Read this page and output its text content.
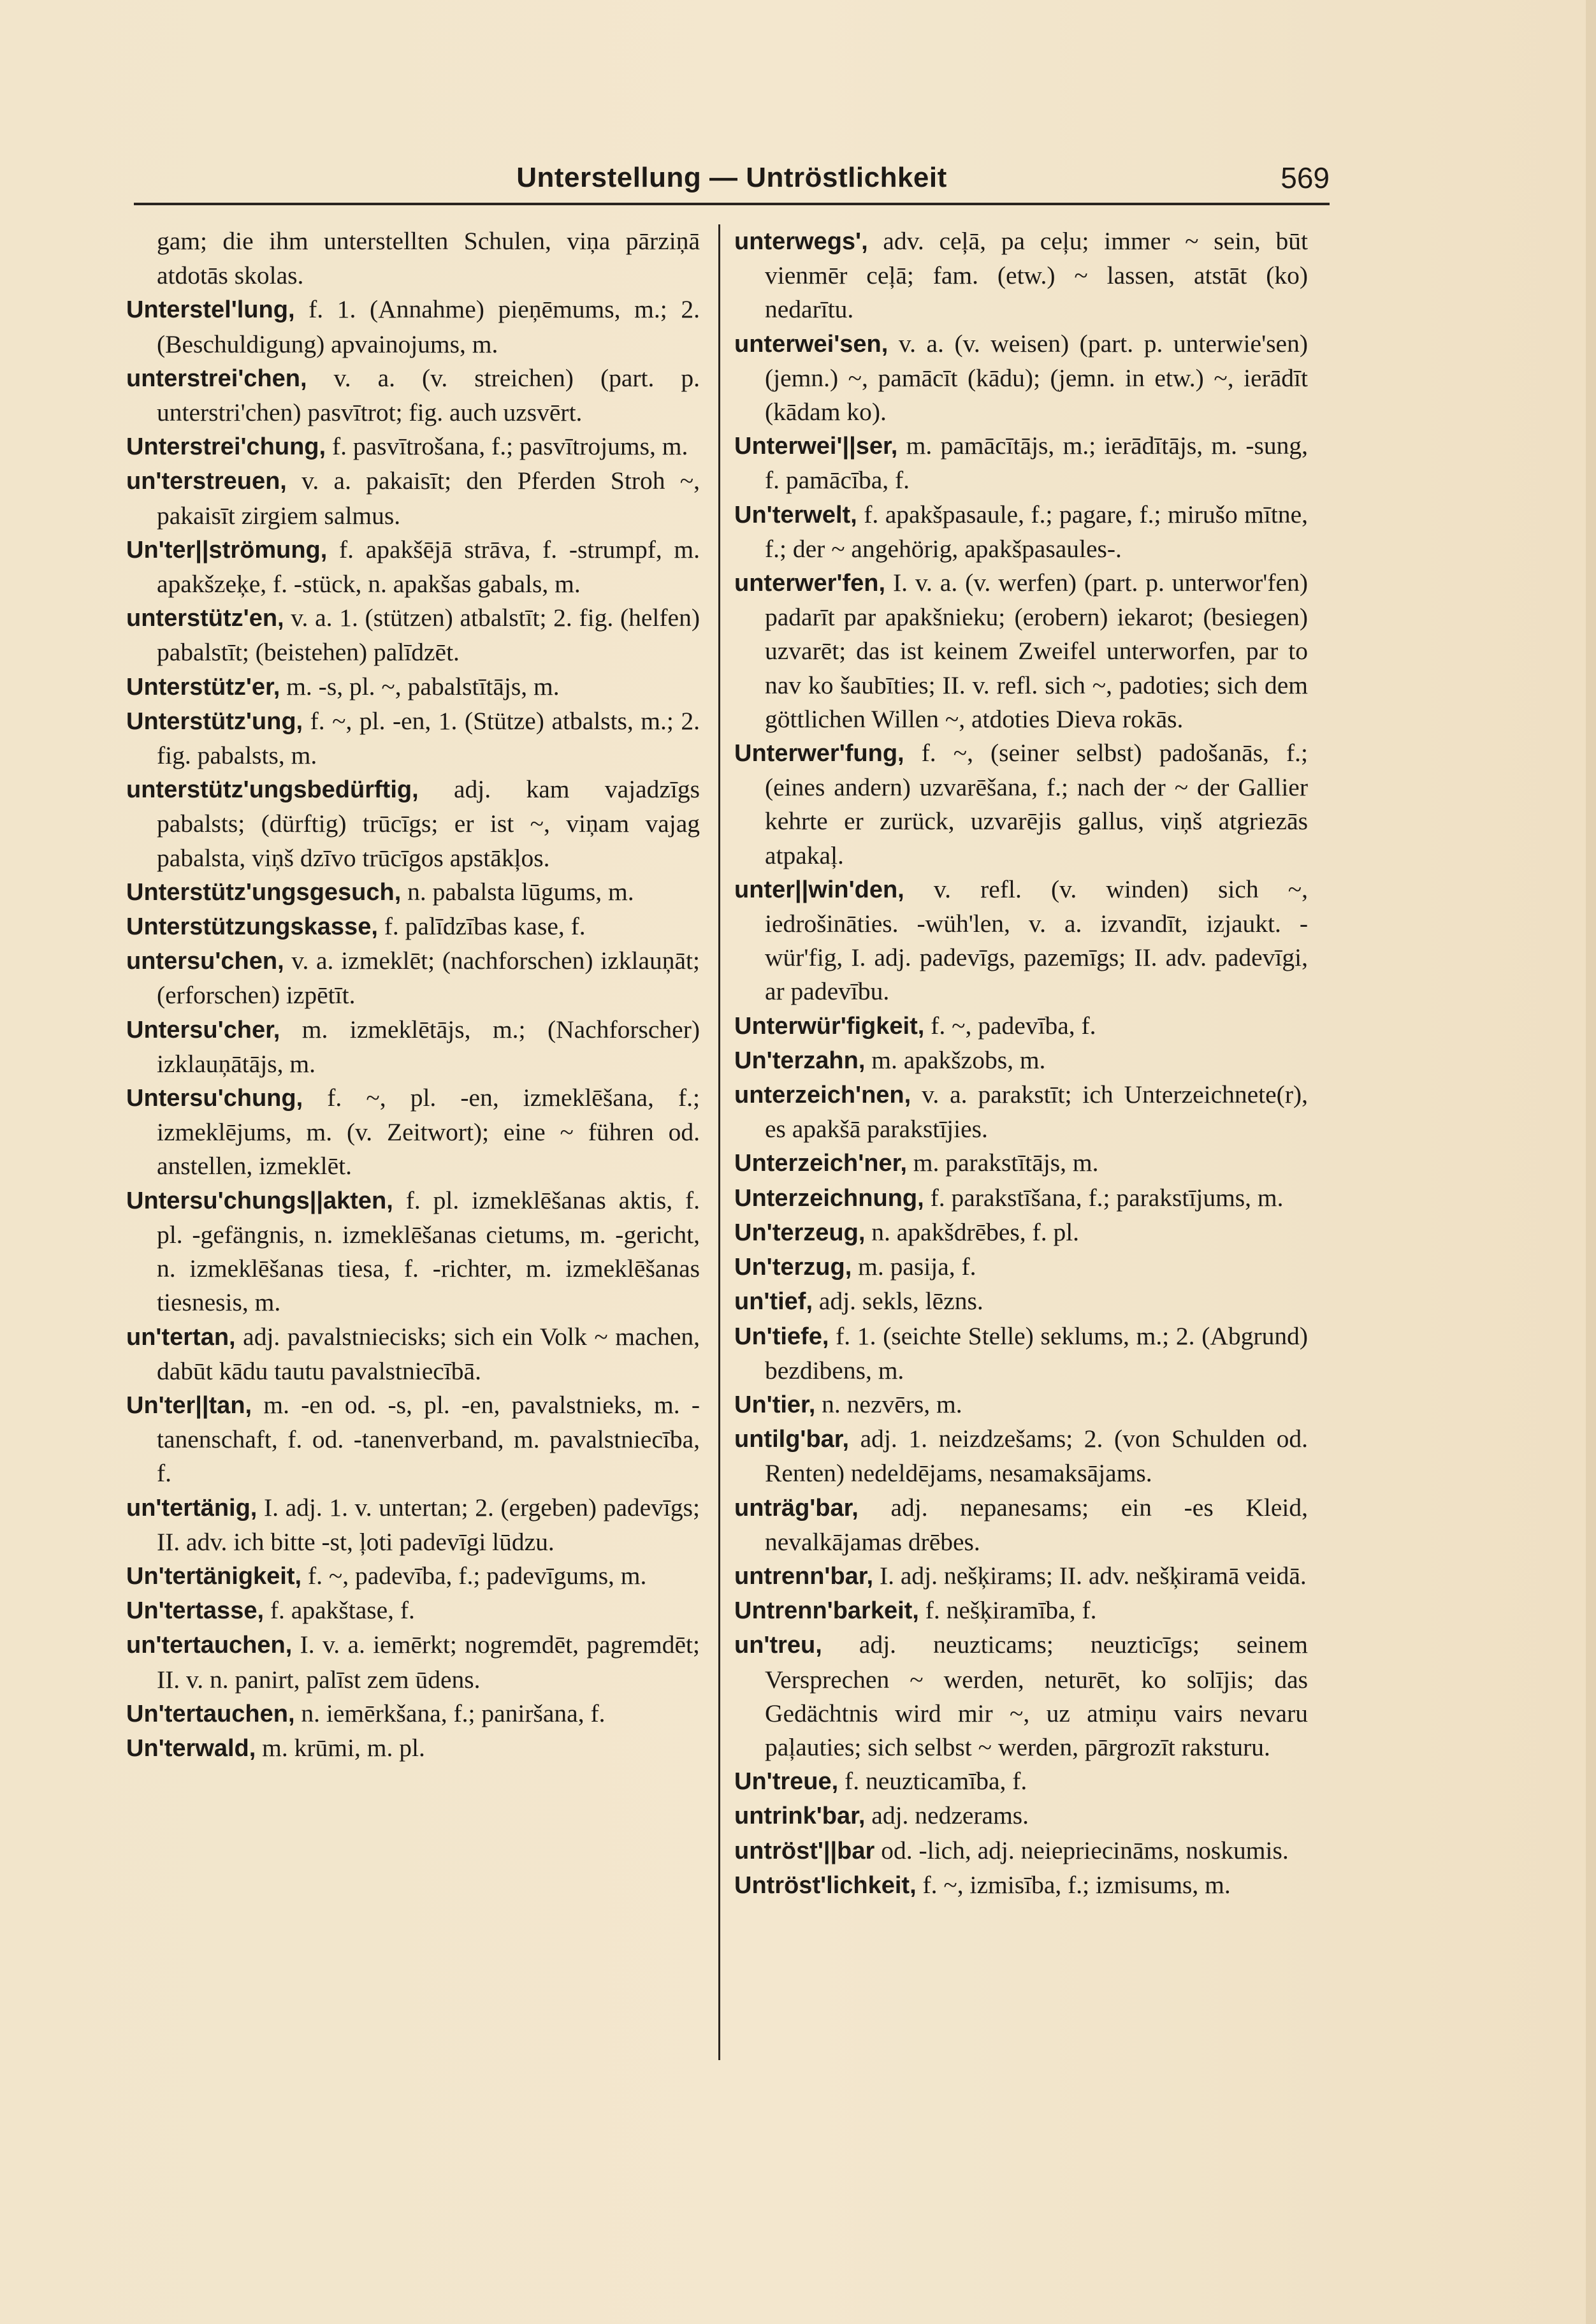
Unterstellung — Untröstlichkeit	569

gam; die ihm unterstellten Schulen, viņa pārziņā atdotās skolas.

Unterstel'lung, f. 1. (Annahme) pieņēmums, m.; 2. (Beschuldigung) apvainojums, m.

unterstrei'chen, v. a. (v. streichen) (part. p. unterstri'chen) pasvītrot; fig. auch uzsvērt.

Unterstrei'chung, f. pasvītrošana, f.; pasvītrojums, m.

un'terstreuen, v. a. pakaisīt; den Pferden Stroh ~, pakaisīt zirgiem salmus.

Un'ter||strömung, f. apakšējā strāva, f. -strumpf, m. apakšzeķe, f. -stück, n. apakšas gabals, m.

unterstütz'en, v. a. 1. (stützen) atbalstīt; 2. fig. (helfen) pabalstīt; (beistehen) palīdzēt.

Unterstütz'er, m. -s, pl. ~, pabalstītājs, m.

Unterstütz'ung, f. ~, pl. -en, 1. (Stütze) atbalsts, m.; 2. fig. pabalsts, m.

unterstütz'ungsbedürftig, adj. kam vajadzīgs pabalsts; (dürftig) trūcīgs; er ist ~, viņam vajag pabalsta, viņš dzīvo trūcīgos apstākļos.

Unterstütz'ungsgesuch, n. pabalsta lūgums, m.

Unterstützungskasse, f. palīdzības kase, f.

untersu'chen, v. a. izmeklēt; (nachforschen) izklauņāt; (erforschen) izpētīt.

Untersu'cher, m. izmeklētājs, m.; (Nachforscher) izklauņātājs, m.

Untersu'chung, f. ~, pl. -en, izmeklēšana, f.; izmeklējums, m. (v. Zeitwort); eine ~ führen od. anstellen, izmeklēt.

Untersu'chungs||akten, f. pl. izmeklēšanas aktis, f. pl. -gefängnis, n. izmeklēšanas cietums, m. -gericht, n. izmeklēšanas tiesa, f. -richter, m. izmeklēšanas tiesnesis, m.

un'tertan, adj. pavalstniecisks; sich ein Volk ~ machen, dabūt kādu tautu pavalstniecībā.

Un'ter||tan, m. -en od. -s, pl. -en, pavalstnieks, m. -tanenschaft, f. od. -tanenverband, m. pavalstniecība, f.

un'tertänig, I. adj. 1. v. untertan; 2. (ergeben) padevīgs; II. adv. ich bitte -st, ļoti padevīgi lūdzu.

Un'tertänigkeit, f. ~, padevība, f.; padevīgums, m.

Un'tertasse, f. apakštase, f.

un'tertauchen, I. v. a. iemērkt; nogremdēt, pagremdēt; II. v. n. panirt, palīst zem ūdens.

Un'tertauchen, n. iemērkšana, f.; paniršana, f.

Un'terwald, m. krūmi, m. pl.

unterwegs', adv. ceļā, pa ceļu; immer ~ sein, būt vienmēr ceļā; fam. (etw.) ~ lassen, atstāt (ko) nedarītu.

unterwei'sen, v. a. (v. weisen) (part. p. unterwie'sen) (jemn.) ~, pamācīt (kādu); (jemn. in etw.) ~, ierādīt (kādam ko).

Unterwei'||ser, m. pamācītājs, m.; ierādītājs, m. -sung, f. pamācība, f.

Un'terwelt, f. apakšpasaule, f.; pagare, f.; mirušo mītne, f.; der ~ angehörig, apakšpasaules-.

unterwer'fen, I. v. a. (v. werfen) (part. p. unterwor'fen) padarīt par apakšnieku; (erobern) iekarot; (besiegen) uzvarēt; das ist keinem Zweifel unterworfen, par to nav ko šaubīties; II. v. refl. sich ~, padoties; sich dem göttlichen Willen ~, atdoties Dieva rokās.

Unterwer'fung, f. ~, (seiner selbst) padošanās, f.; (eines andern) uzvarēšana, f.; nach der ~ der Gallier kehrte er zurück, uzvarējis gallus, viņš atgriezās atpakaļ.

unter||win'den, v. refl. (v. winden) sich ~, iedrošināties. -wüh'len, v. a. izvandīt, izjaukt. -wür'fig, I. adj. padevīgs, pazemīgs; II. adv. padevīgi, ar padevību.

Unterwür'figkeit, f. ~, padevība, f.

Un'terzahn, m. apakšzobs, m.

unterzeich'nen, v. a. parakstīt; ich Unterzeichnete(r), es apakšā parakstījies.

Unterzeich'ner, m. parakstītājs, m.

Unterzeichnung, f. parakstīšana, f.; parakstījums, m.

Un'terzeug, n. apakšdrēbes, f. pl.

Un'terzug, m. pasija, f.

un'tief, adj. sekls, lēzns.

Un'tiefe, f. 1. (seichte Stelle) seklums, m.; 2. (Abgrund) bezdibens, m.

Un'tier, n. nezvērs, m.

untilg'bar, adj. 1. neizdzešams; 2. (von Schulden od. Renten) nedeldējams, nesamaksājams.

unträg'bar, adj. nepanesams; ein -es Kleid, nevalkājamas drēbes.

untrenn'bar, I. adj. nešķirams; II. adv. nešķiramā veidā.

Untrenn'barkeit, f. nešķiramība, f.

un'treu, adj. neuzticams; neuzticīgs; seinem Versprechen ~ werden, neturēt, ko solījis; das Gedächtnis wird mir ~, uz atmiņu vairs nevaru paļauties; sich selbst ~ werden, pārgrozīt raksturu.

Un'treue, f. neuzticamība, f.

untrink'bar, adj. nedzerams.

untröst'||bar od. -lich, adj. neiepriecināms, noskumis.

Untröst'lichkeit, f. ~, izmisība, f.; izmisums, m.
